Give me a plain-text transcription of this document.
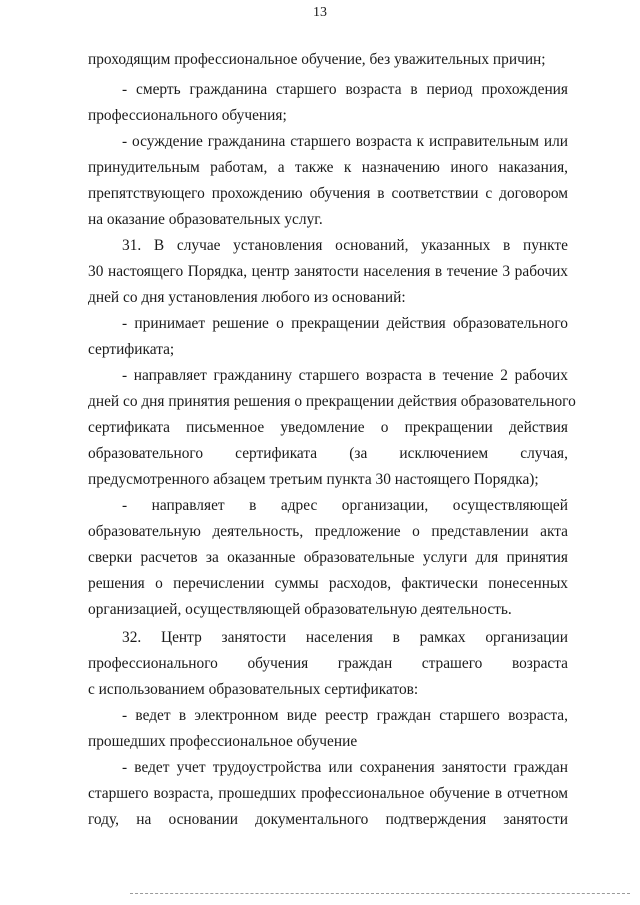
13
проходящим профессиональное обучение, без уважительных причин;
- смерть гражданина старшего возраста в период прохождения
профессионального обучения;
- осуждение гражданина старшего возраста к исправительным или
принудительным работам, а также к назначению иного наказания,
препятствующего прохождению обучения в соответствии с договором
на оказание образовательных услуг.
31. В случае установления оснований, указанных в пункте
30 настоящего Порядка, центр занятости населения в течение 3 рабочих
дней со дня установления любого из оснований:
- принимает решение о прекращении действия образовательного
сертификата;
- направляет гражданину старшего возраста в течение 2 рабочих
дней со дня принятия решения о прекращении действия образовательного
сертификата письменное уведомление о прекращении действия
образовательного сертификата (за исключением случая,
предусмотренного абзацем третьим пункта 30 настоящего Порядка);
- направляет в адрес организации, осуществляющей
образовательную деятельность, предложение о представлении акта
сверки расчетов за оказанные образовательные услуги для принятия
решения о перечислении суммы расходов, фактически понесенных
организацией, осуществляющей образовательную деятельность.
32. Центр занятости населения в рамках организации
профессионального обучения граждан страшего возраста
с использованием образовательных сертификатов:
- ведет в электронном виде реестр граждан старшего возраста,
прошедших профессиональное обучение
- ведет учет трудоустройства или сохранения занятости граждан
старшего возраста, прошедших профессиональное обучение в отчетном
году, на основании документального подтверждения занятости
